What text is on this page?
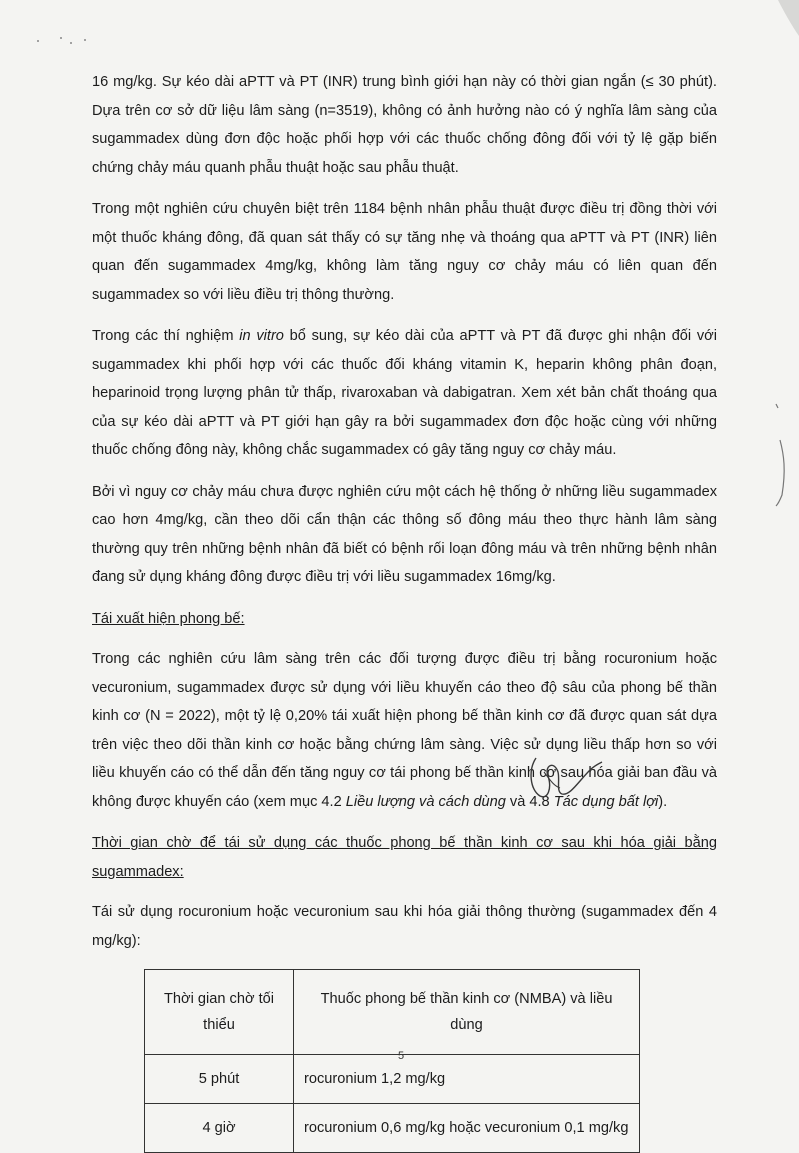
16 mg/kg. Sự kéo dài aPTT và PT (INR) trung bình giới hạn này có thời gian ngắn (≤ 30 phút). Dựa trên cơ sở dữ liệu lâm sàng (n=3519), không có ảnh hưởng nào có ý nghĩa lâm sàng của sugammadex dùng đơn độc hoặc phối hợp với các thuốc chống đông đối với tỷ lệ gặp biến chứng chảy máu quanh phẫu thuật hoặc sau phẫu thuật.

Trong một nghiên cứu chuyên biệt trên 1184 bệnh nhân phẫu thuật được điều trị đồng thời với một thuốc kháng đông, đã quan sát thấy có sự tăng nhẹ và thoáng qua aPTT và PT (INR) liên quan đến sugammadex 4mg/kg, không làm tăng nguy cơ chảy máu có liên quan đến sugammadex so với liều điều trị thông thường.

Trong các thí nghiệm in vitro bổ sung, sự kéo dài của aPTT và PT đã được ghi nhận đối với sugammadex khi phối hợp với các thuốc đối kháng vitamin K, heparin không phân đoạn, heparinoid trọng lượng phân tử thấp, rivaroxaban và dabigatran. Xem xét bản chất thoáng qua của sự kéo dài aPTT và PT giới hạn gây ra bởi sugammadex đơn độc hoặc cùng với những thuốc chống đông này, không chắc sugammadex có gây tăng nguy cơ chảy máu.

Bởi vì nguy cơ chảy máu chưa được nghiên cứu một cách hệ thống ở những liều sugammadex cao hơn 4mg/kg, cần theo dõi cẩn thận các thông số đông máu theo thực hành lâm sàng thường quy trên những bệnh nhân đã biết có bệnh rối loạn đông máu và trên những bệnh nhân đang sử dụng kháng đông được điều trị với liều sugammadex 16mg/kg.

Tái xuất hiện phong bế:

Trong các nghiên cứu lâm sàng trên các đối tượng được điều trị bằng rocuronium hoặc vecuronium, sugammadex được sử dụng với liều khuyến cáo theo độ sâu của phong bế thần kinh cơ (N = 2022), một tỷ lệ 0,20% tái xuất hiện phong bế thần kinh cơ đã được quan sát dựa trên việc theo dõi thần kinh cơ hoặc bằng chứng lâm sàng. Việc sử dụng liều thấp hơn so với liều khuyến cáo có thể dẫn đến tăng nguy cơ tái phong bế thần kinh cơ sau hóa giải ban đầu và không được khuyến cáo (xem mục 4.2 Liều lượng và cách dùng và 4.8 Tác dụng bất lợi).

Thời gian chờ để tái sử dụng các thuốc phong bế thần kinh cơ sau khi hóa giải bằng sugammadex:

Tái sử dụng rocuronium hoặc vecuronium sau khi hóa giải thông thường (sugammadex đến 4 mg/kg):

Thời gian chờ tối thiểu	Thuốc phong bế thần kinh cơ (NMBA) và liều dùng
5 phút	rocuronium 1,2 mg/kg
4 giờ	rocuronium 0,6 mg/kg hoặc vecuronium 0,1 mg/kg
5
